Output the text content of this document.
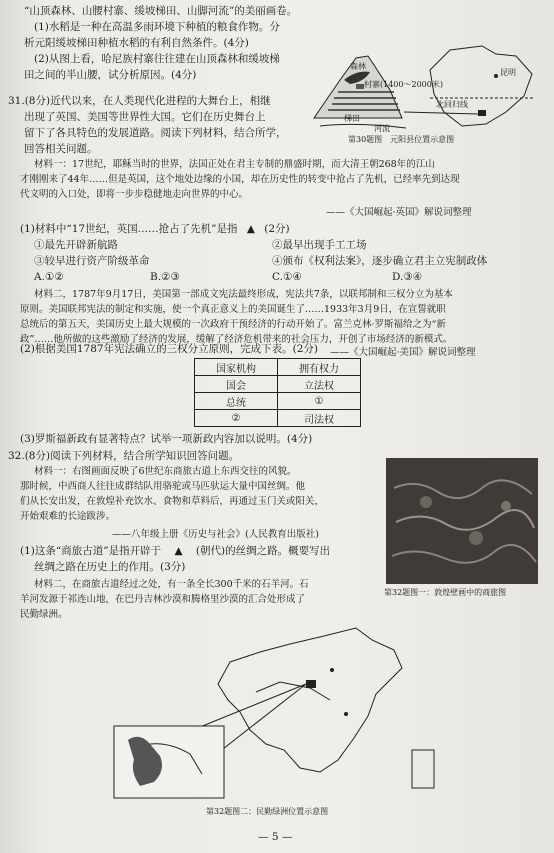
“山顶森林、山腰村寨、缓坡梯田、山脚河流”的美丽画卷。
(1)水稻是一种在高温多雨环境下种植的粮食作物。分
析元阳缓坡梯田种植水稻的有利自然条件。(4分)
(2)从图上看，哈尼族村寨往往建在山顶森林和缓坡梯
田之间的半山腰，试分析原因。(4分)
森林
村寨(1400～2000米)
梯田
河流
北回归线
昆明
第30题图　元阳县位置示意图
31.(8分)近代以来，在人类现代化进程的大舞台上，相继
出现了英国、美国等世界性大国。它们在历史舞台上
留下了各具特色的发展道路。阅读下列材料，结合所学，
回答相关问题。
材料一：17世纪，耶稣当时的世界，法国正处在君主专制的鼎盛时期，而大清王朝268年的江山
才刚刚来了44年……但是英国，这个地处边缘的小国，却在历史性的转变中抢占了先机，已经率先到达现
代文明的入口处，即将一步步稳健地走向世界的中心。
——《大国崛起·英国》解说词整理
(1)材料中“17世纪，英国……抢占了先机”是指 ▲ (2分)
①最先开辟新航路	②最早出现手工工场
③较早进行资产阶级革命	④颁布《权利法案》，逐步确立君主立宪制政体
A.①②	B.②③	C.①④	D.③④
材料二，1787年9月17日，美国第一部成文宪法最终形成，宪法共7条，以联邦制和三权分立为基本
原则。美国联邦宪法的制定和实施，使一个真正意义上的美国诞生了……1933年3月9日，在宣誓就职
总统后的第五天，美国历史上最大规模的一次政府干预经济的行动开始了。富兰克林·罗斯福给之为“新
政”……他所做的这些激励了经济的发展，缓解了经济危机带来的社会压力，开创了市场经济的新模式。
——《大国崛起·美国》解说词整理
(2)根据美国1787年宪法确立的三权分立原则，完成下表。(2分)
国家机构	拥有权力
国会	立法权
总统	①
②	司法权
(3)罗斯福新政有显著特点？试举一项新政内容加以说明。(4分)
32.(8分)阅读下列材料，结合所学知识回答问题。
材料一：右图画面反映了6世纪东商旅古道上东西交往的风貌。
那时候，中西商人往往成群结队用骆驼或马匹驮运大量中国丝绸。他
们从长安出发，在敦煌补充饮水、食物和草料后，再通过玉门关或阳关，
开始艰难的长途跋涉。
——八年级上册《历史与社会》(人民教育出版社)
(1)这条“商旅古道”是指开辟于 ▲ (朝代)的丝绸之路。概要写出
丝绸之路在历史上的作用。(3分)
材料二，在商旅古道经过之处，有一条全长300千米的石羊河。石
羊河发源于祁连山地，在巴丹吉林沙漠和腾格里沙漠的汇合处形成了
民勤绿洲。
第32题图一：敦煌壁画中的商旅图
第32题图二：民勤绿洲位置示意图
— 5 —
